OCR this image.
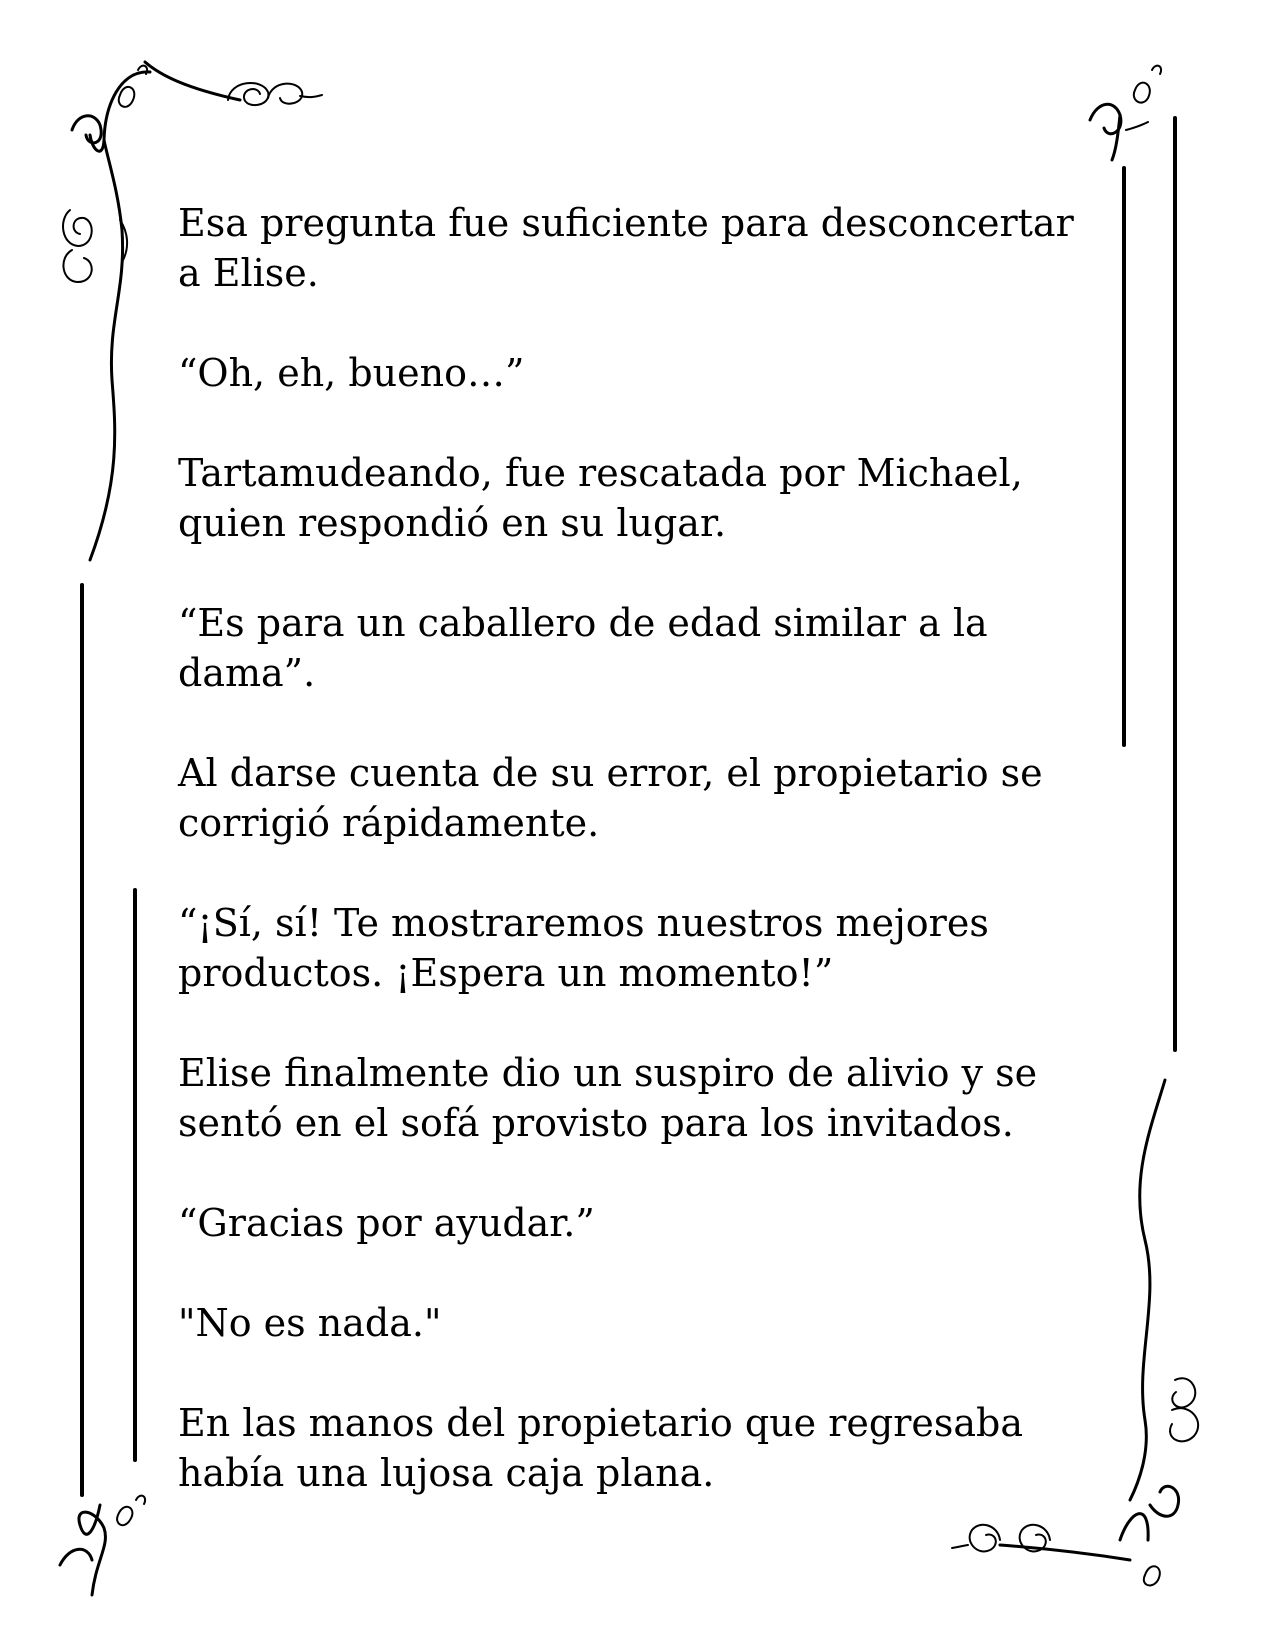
Esa pregunta fue suficiente para desconcertar a Elise.

“Oh, eh, bueno…”

Tartamudeando, fue rescatada por Michael, quien respondió en su lugar.

“Es para un caballero de edad similar a la dama”.

Al darse cuenta de su error, el propietario se corrigió rápidamente.

“¡Sí, sí! Te mostraremos nuestros mejores productos. ¡Espera un momento!”

Elise finalmente dio un suspiro de alivio y se sentó en el sofá provisto para los invitados.

“Gracias por ayudar.”

"No es nada."

En las manos del propietario que regresaba había una lujosa caja plana.
